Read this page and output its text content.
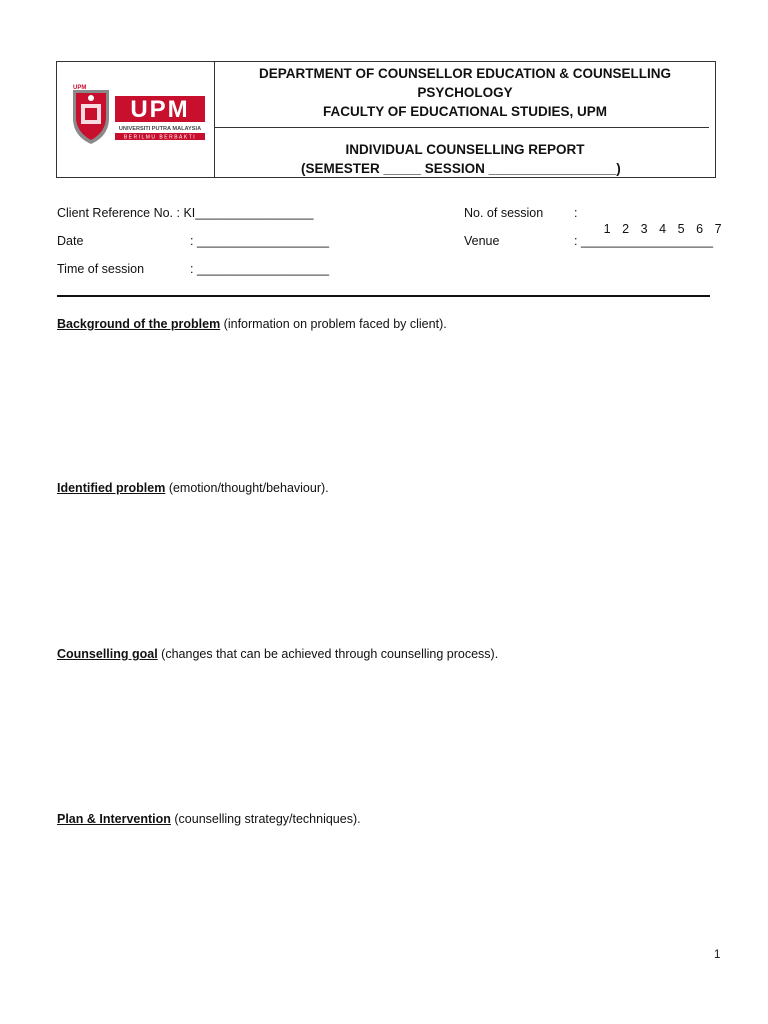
UPM
UPM
UNIVERSITI PUTRA MALAYSIA
BERILMU BERBAKTI
DEPARTMENT OF COUNSELLOR EDUCATION & COUNSELLING
PSYCHOLOGY
FACULTY OF EDUCATIONAL STUDIES, UPM
INDIVIDUAL COUNSELLING REPORT
(SEMESTER _____ SESSION _________________)
Client Reference No. : KI_________________
Date	: ___________________
Time of session	: ___________________
No. of session :

1 2 3 4 5 6 7

Venue	: ___________________
Background of the problem (information on problem faced by client).
Identified problem (emotion/thought/behaviour).
Counselling goal (changes that can be achieved through counselling process).
Plan & Intervention (counselling strategy/techniques).
1
